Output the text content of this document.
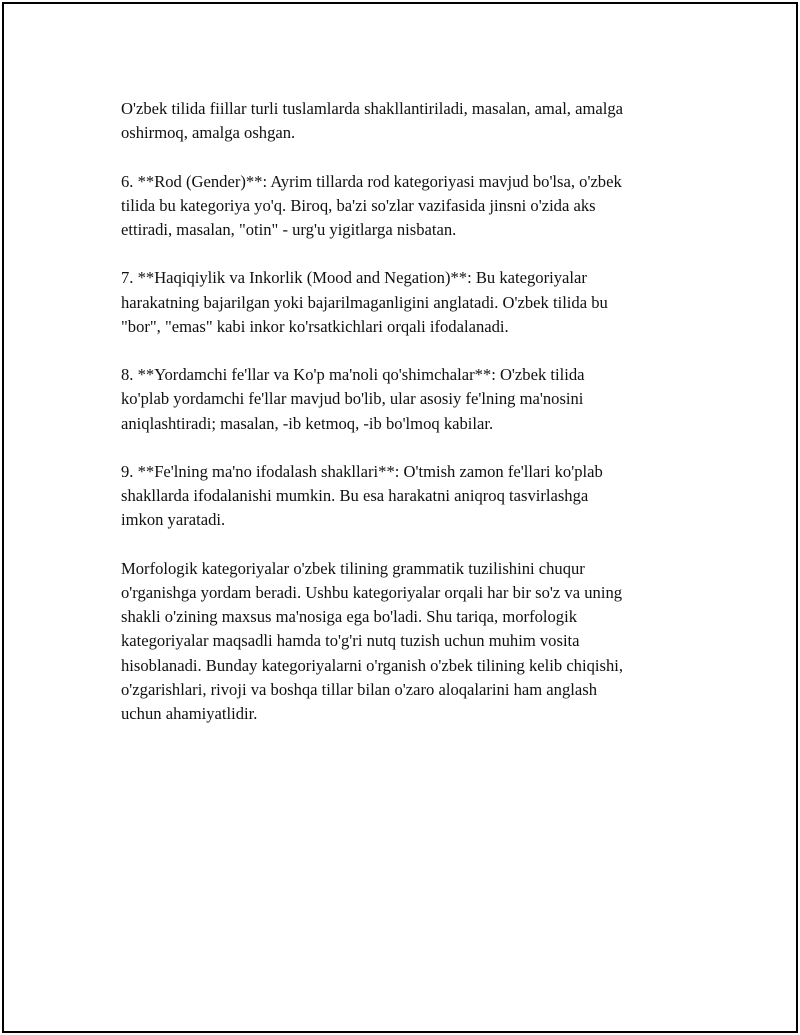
O'zbek tilida fiillar turli tuslamlarda shakllantiriladi, masalan, amal, amalga
oshirmoq, amalga oshgan.

6. **Rod (Gender)**: Ayrim tillarda rod kategoriyasi mavjud bo'lsa, o'zbek
tilida bu kategoriya yo'q. Biroq, ba'zi so'zlar vazifasida jinsni o'zida aks
ettiradi, masalan, "otin" - urg'u yigitlarga nisbatan.

7. **Haqiqiylik va Inkorlik (Mood and Negation)**: Bu kategoriyalar
harakatning bajarilgan yoki bajarilmaganligini anglatadi. O'zbek tilida bu
"bor", "emas" kabi inkor ko'rsatkichlari orqali ifodalanadi.

8. **Yordamchi fe'llar va Ko'p ma'noli qo'shimchalar**: O'zbek tilida
ko'plab yordamchi fe'llar mavjud bo'lib, ular asosiy fe'lning ma'nosini
aniqlashtiradi; masalan, -ib ketmoq, -ib bo'lmoq kabilar.

9. **Fe'lning ma'no ifodalash shakllari**: O'tmish zamon fe'llari ko'plab
shakllarda ifodalanishi mumkin. Bu esa harakatni aniqroq tasvirlashga
imkon yaratadi.

Morfologik kategoriyalar o'zbek tilining grammatik tuzilishini chuqur
o'rganishga yordam beradi. Ushbu kategoriyalar orqali har bir so'z va uning
shakli o'zining maxsus ma'nosiga ega bo'ladi. Shu tariqa, morfologik
kategoriyalar maqsadli hamda to'g'ri nutq tuzish uchun muhim vosita
hisoblanadi. Bunday kategoriyalarni o'rganish o'zbek tilining kelib chiqishi,
o'zgarishlari, rivoji va boshqa tillar bilan o'zaro aloqalarini ham anglash
uchun ahamiyatlidir.
